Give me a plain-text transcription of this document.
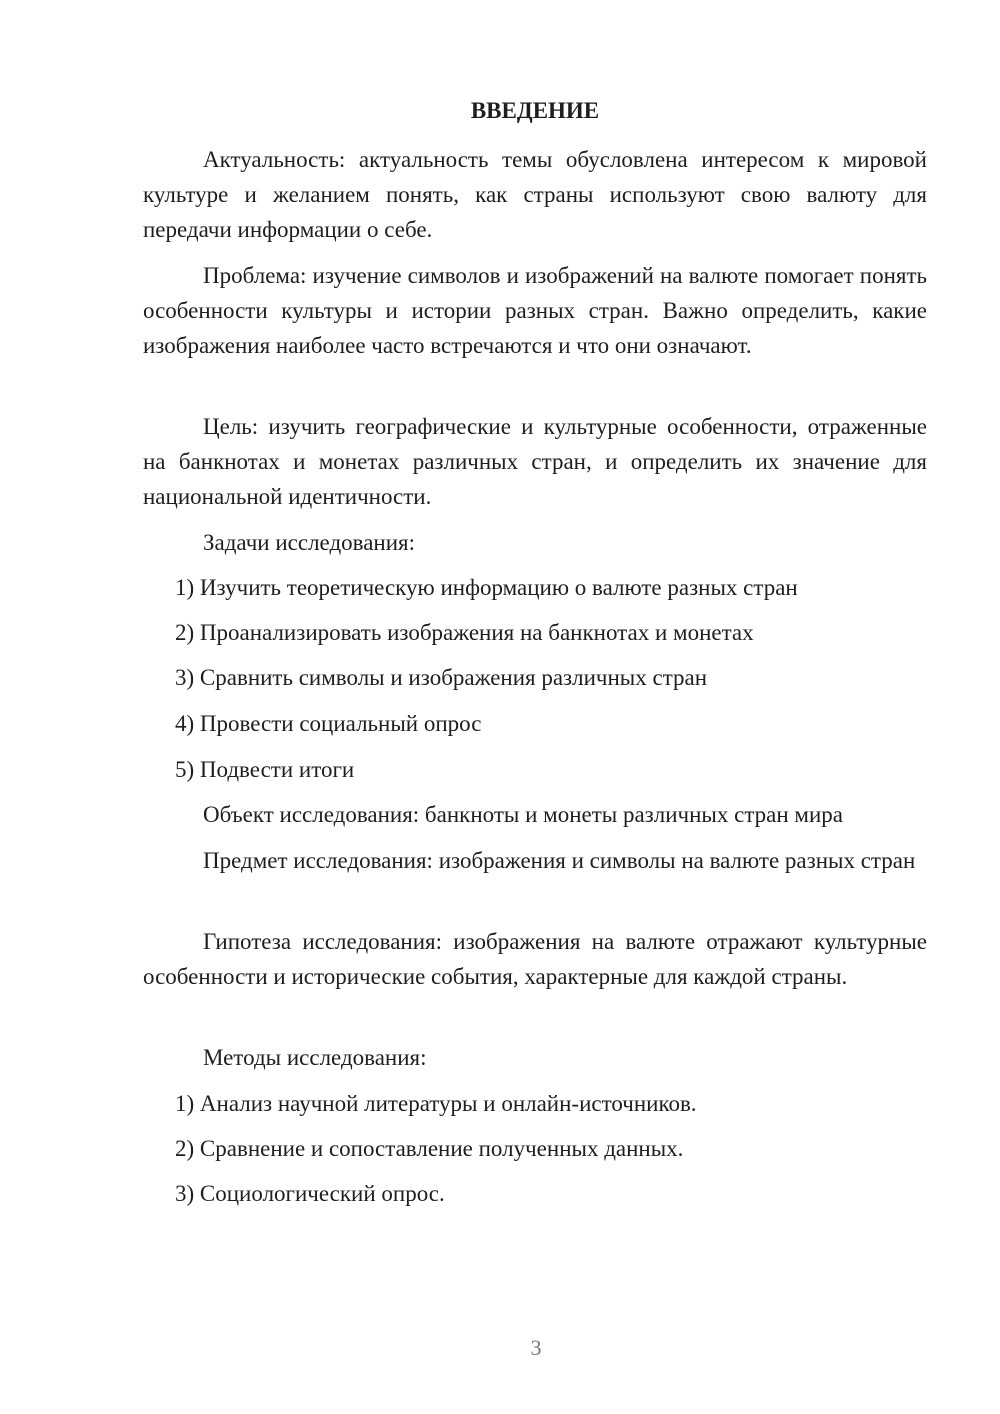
ВВЕДЕНИЕ

Актуальность: актуальность темы обусловлена интересом к мировой культуре и желанием понять, как страны используют свою валюту для передачи информации о себе.

Проблема: изучение символов и изображений на валюте помогает понять особенности культуры и истории разных стран. Важно определить, какие изображения наиболее часто встречаются и что они означают.

Цель: изучить географические и культурные особенности, отраженные на банкнотах и монетах различных стран, и определить их значение для национальной идентичности.

Задачи исследования:
1) Изучить теоретическую информацию о валюте разных стран
2) Проанализировать изображения на банкнотах и монетах
3) Сравнить символы и изображения различных стран
4) Провести социальный опрос
5) Подвести итоги
Объект исследования: банкноты и монеты различных стран мира

Предмет исследования: изображения и символы на валюте разных стран

Гипотеза исследования: изображения на валюте отражают культурные особенности и исторические события, характерные для каждой страны.

Методы исследования:
1) Анализ научной литературы и онлайн-источников.
2) Сравнение и сопоставление полученных данных.
3) Социологический опрос.
3
